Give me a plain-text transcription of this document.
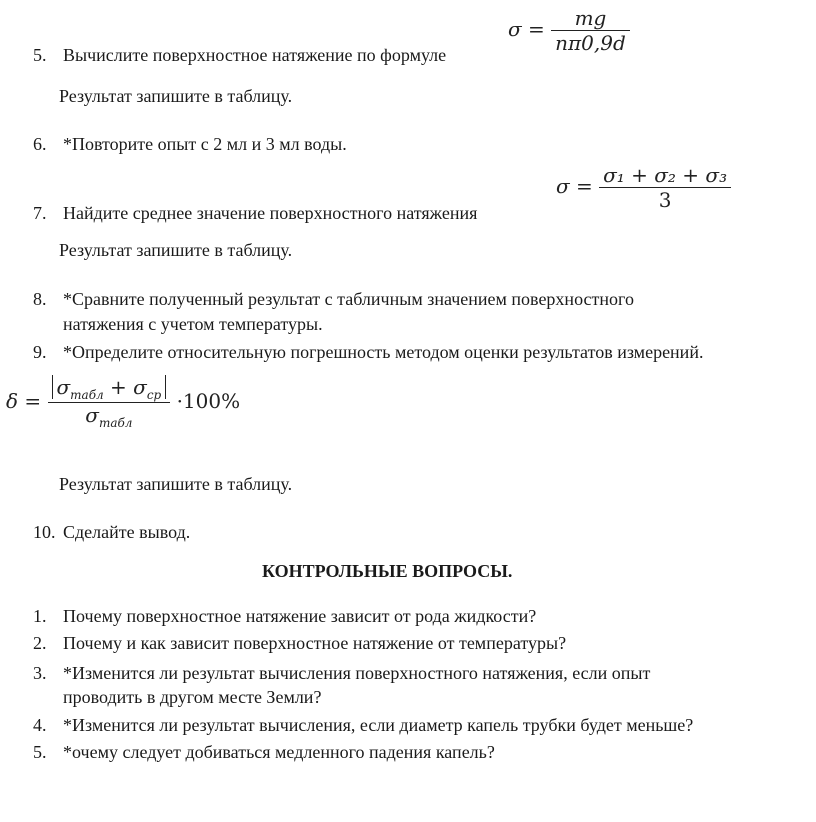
5. Вычислите поверхностное натяжение по формуле
$\sigma = \frac{mg}{n\pi 0,9d}$
Результат запишите в таблицу.
6. *Повторите опыт с 2 мл и 3 мл воды.
$\sigma = \frac{\text{σ₁ + σ₂ + σ₃}}{3}$
7. Найдите среднее значение поверхностного натяжения
Результат запишите в таблицу.
8. *Сравните полученный результат с табличным значением поверхностного
натяжения с учетом температуры.
9. *Определите относительную погрешность методом оценки результатов измерений.
$\delta = \frac{\sigma_{табл} + \sigma_{ср}}{\sigma_{табл}} \cdot 100\%$
Результат запишите в таблицу.
10. Сделайте вывод.
КОНТРОЛЬНЫЕ ВОПРОСЫ.
1. Почему поверхностное натяжение зависит от рода жидкости?
2. Почему и как зависит поверхностное натяжение от температуры?
3. *Изменится ли результат вычисления поверхностного натяжения, если опыт
проводить в другом месте Земли?
4. *Изменится ли результат вычисления, если диаметр капель трубки будет меньше?
5. *очему следует добиваться медленного падения капель?
